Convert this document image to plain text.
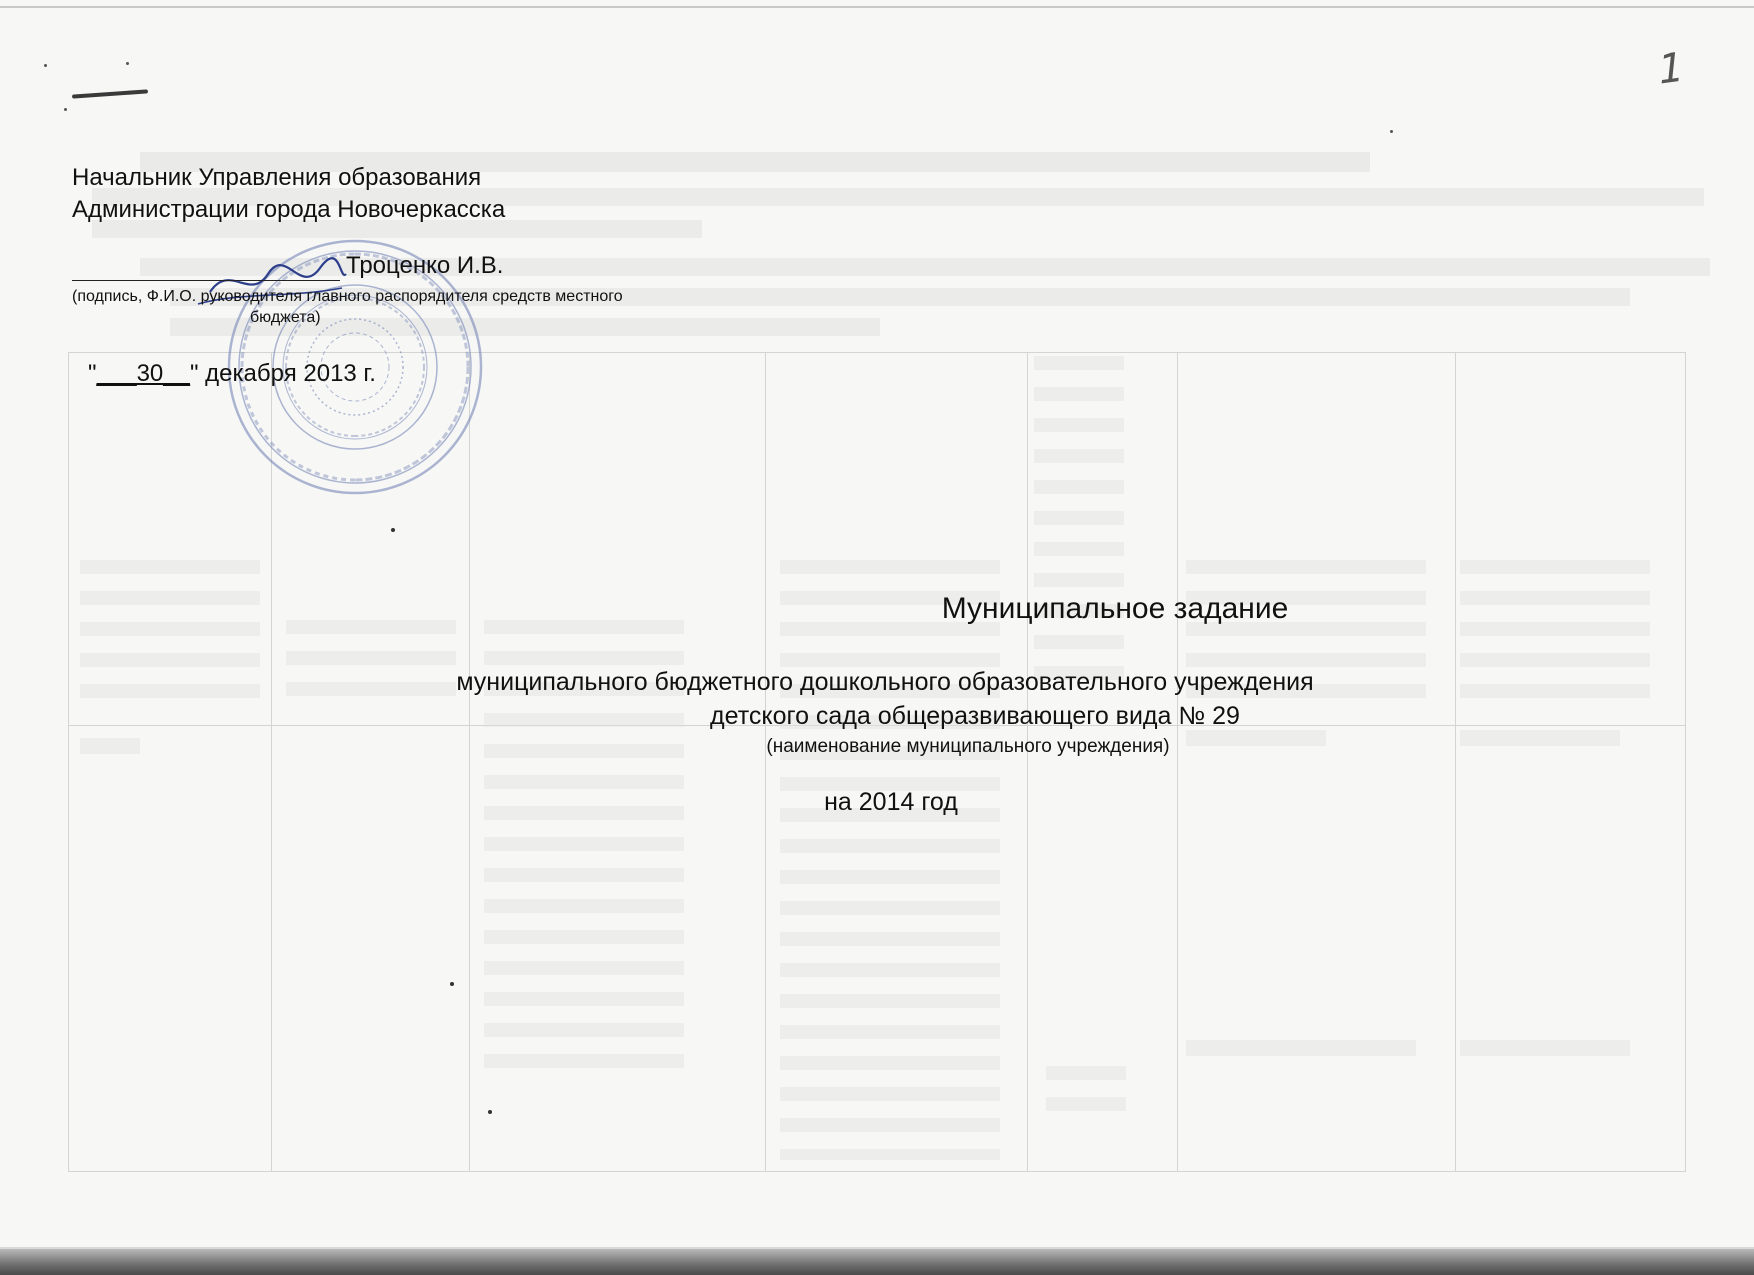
1
Начальник Управления образования
Администрации города Новочеркасска
Троценко И.В.
(подпись, Ф.И.О. руководителя главного распорядителя средств местного
бюджета)
"___30__" декабря 2013 г.
Муниципальное задание
муниципального бюджетного дошкольного образовательного учреждения
детского сада общеразвивающего вида № 29
(наименование муниципального учреждения)
на 2014 год
